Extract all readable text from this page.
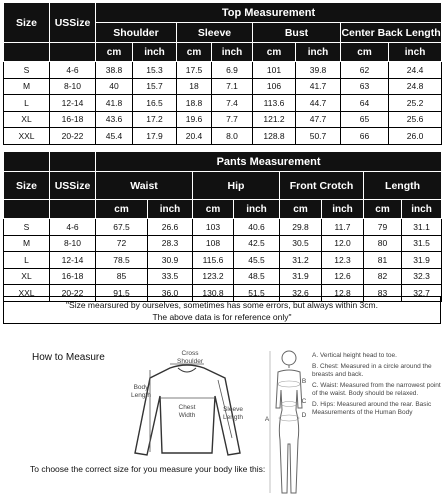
Size	USSize	Top Measurement							
		Shoulder		Sleeve		Bust		Center Back Length	
		cm	inch	cm	inch	cm	inch	cm	inch
S	4-6	38.8	15.3	17.5	6.9	101	39.8	62	24.4
M	8-10	40	15.7	18	7.1	106	41.7	63	24.8
L	12-14	41.8	16.5	18.8	7.4	113.6	44.7	64	25.2
XL	16-18	43.6	17.2	19.6	7.7	121.2	47.7	65	25.6
XXL	20-22	45.4	17.9	20.4	8.0	128.8	50.7	66	26.0
		Pants Measurement							
Size	USSize	Waist		Hip		Front Crotch		Length	
		cm	inch	cm	inch	cm	inch	cm	inch
S	4-6	67.5	26.6	103	40.6	29.8	11.7	79	31.1
M	8-10	72	28.3	108	42.5	30.5	12.0	80	31.5
L	12-14	78.5	30.9	115.6	45.5	31.2	12.3	81	31.9
XL	16-18	85	33.5	123.2	48.5	31.9	12.6	82	32.3
XXL	20-22	91.5	36.0	130.8	51.5	32.6	12.8	83	32.7
"Size mearsured by ourselves, sometimes has some errors, but always within 3cm.
The above data is for reference only"
How to Measure	Cross Shoulder
Body Length
Chest Width
Sleeve Length	A
B
C
D
A. Vertical height head to toe.
B. Chest: Measured in a circle around the breasts and back.
C. Waist: Measured from the narrowest point of the waist. Body should be relaxed.
D. Hips: Measured around the rear. Basic Measurements of the Human Body
To choose the correct size for you measure your body like this:
